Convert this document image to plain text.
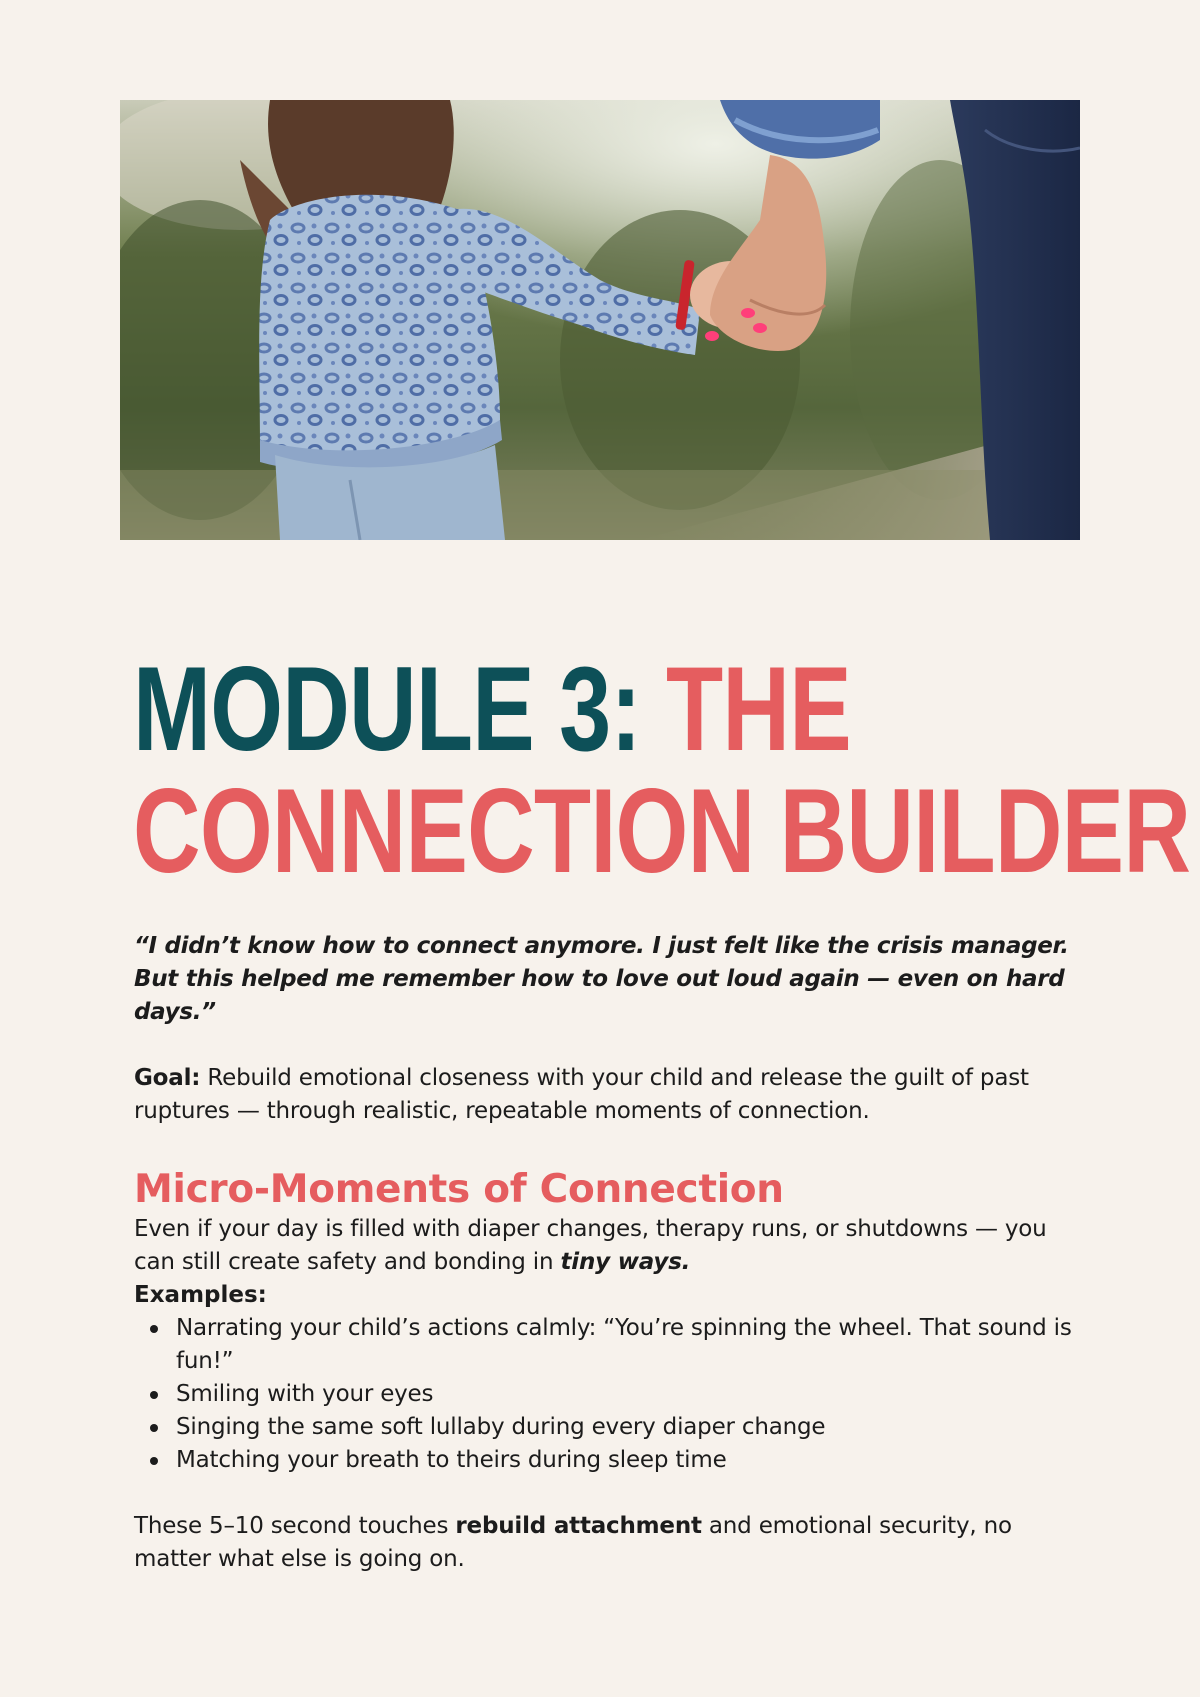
MODULE 3: THE
CONNECTION BUILDER

“I didn’t know how to connect anymore. I just felt like the crisis manager. But this helped me remember how to love out loud again — even on hard days.”

Goal: Rebuild emotional closeness with your child and release the guilt of past ruptures — through realistic, repeatable moments of connection.

Micro-Moments of Connection

Even if your day is filled with diaper changes, therapy runs, or shutdowns — you can still create safety and bonding in tiny ways.

Examples:

Narrating your child’s actions calmly: “You’re spinning the wheel. That sound is fun!”
Smiling with your eyes
Singing the same soft lullaby during every diaper change
Matching your breath to theirs during sleep time

These 5–10 second touches rebuild attachment and emotional security, no matter what else is going on.
